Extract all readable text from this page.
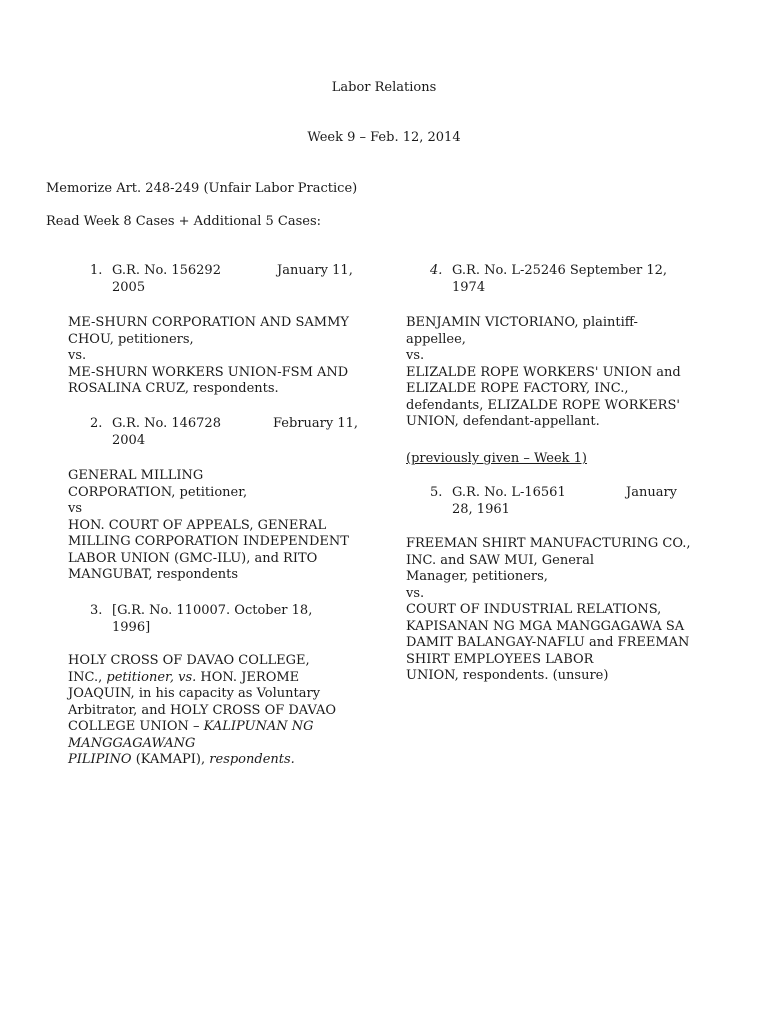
Labor Relations
Week 9 – Feb. 12, 2014
Memorize Art. 248-249 (Unfair Labor Practice)
Read Week 8 Cases + Additional 5 Cases:
1. G.R. No. 156292	January 11,
2005
ME-SHURN CORPORATION AND SAMMY
CHOU, petitioners,
vs.
ME-SHURN WORKERS UNION-FSM AND
ROSALINA CRUZ, respondents.
2. G.R. No. 146728	February 11,
2004
GENERAL MILLING
CORPORATION, petitioner,
vs
HON. COURT OF APPEALS, GENERAL
MILLING CORPORATION INDEPENDENT
LABOR UNION (GMC-ILU), and RITO
MANGUBAT, respondents
3. [G.R. No. 110007. October 18,
1996]
HOLY CROSS OF DAVAO COLLEGE,
INC., petitioner, vs. HON. JEROME
JOAQUIN, in his capacity as Voluntary
Arbitrator, and HOLY CROSS OF DAVAO
COLLEGE UNION – KALIPUNAN NG
MANGGAGAWANG
PILIPINO (KAMAPI), respondents.
4. G.R. No. L-25246 September 12,
1974
BENJAMIN VICTORIANO, plaintiff-
appellee,
vs.
ELIZALDE ROPE WORKERS' UNION and
ELIZALDE ROPE FACTORY, INC.,
defendants, ELIZALDE ROPE WORKERS'
UNION, defendant-appellant.
(previously given – Week 1)
5. G.R. No. L-16561	January
28, 1961
FREEMAN SHIRT MANUFACTURING CO.,
INC. and SAW MUI, General
Manager, petitioners,
vs.
COURT OF INDUSTRIAL RELATIONS,
KAPISANAN NG MGA MANGGAGAWA SA
DAMIT BALANGAY-NAFLU and FREEMAN
SHIRT EMPLOYEES LABOR
UNION, respondents. (unsure)
